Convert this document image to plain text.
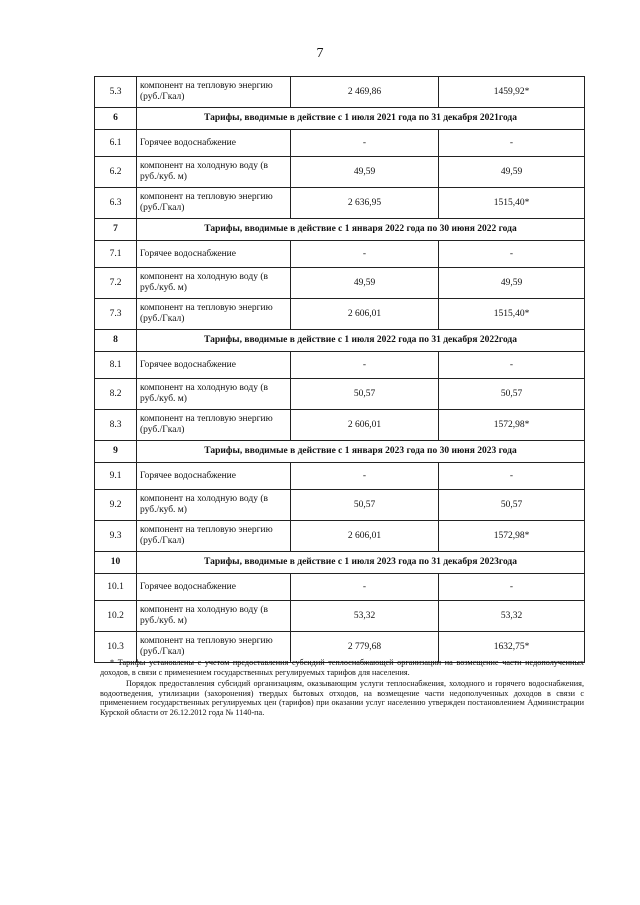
7
5.3	компонент на тепловую энергию (руб./Гкал)	2 469,86	1459,92*
6	Тарифы, вводимые в действие с 1 июля 2021 года по 31 декабря 2021года		
6.1	Горячее водоснабжение	-	-
6.2	компонент на холодную воду (в руб./куб. м)	49,59	49,59
6.3	компонент на тепловую энергию (руб./Гкал)	2 636,95	1515,40*
7	Тарифы, вводимые в действие с 1 января 2022 года по 30 июня 2022 года		
7.1	Горячее водоснабжение	-	-
7.2	компонент на холодную воду (в руб./куб. м)	49,59	49,59
7.3	компонент на тепловую энергию (руб./Гкал)	2 606,01	1515,40*
8	Тарифы, вводимые в действие с 1 июля 2022 года по 31 декабря 2022года		
8.1	Горячее водоснабжение	-	-
8.2	компонент на холодную воду (в руб./куб. м)	50,57	50,57
8.3	компонент на тепловую энергию (руб./Гкал)	2 606,01	1572,98*
9	Тарифы, вводимые в действие с 1 января 2023 года по 30 июня 2023 года		
9.1	Горячее водоснабжение	-	-
9.2	компонент на холодную воду (в руб./куб. м)	50,57	50,57
9.3	компонент на тепловую энергию (руб./Гкал)	2 606,01	1572,98*
10	Тарифы, вводимые в действие с 1 июля 2023 года по 31 декабря 2023года		
10.1	Горячее водоснабжение	-	-
10.2	компонент на холодную воду (в руб./куб. м)	53,32	53,32
10.3	компонент на тепловую энергию (руб./Гкал)	2 779,68	1632,75*

* Тарифы установлены с учетом предоставления субсидий теплоснабжающей организации на возмещение части недополученных доходов, в связи с применением государственных регулируемых тарифов для населения.

Порядок предоставления субсидий организациям, оказывающим услуги теплоснабжения, холодного и горячего водоснабжения, водоотведения, утилизации (захоронения) твердых бытовых отходов, на возмещение части недополученных доходов в связи с применением государственных регулируемых цен (тарифов) при оказании услуг населению утвержден постановлением Администрации Курской области от 26.12.2012 года № 1140-па.
